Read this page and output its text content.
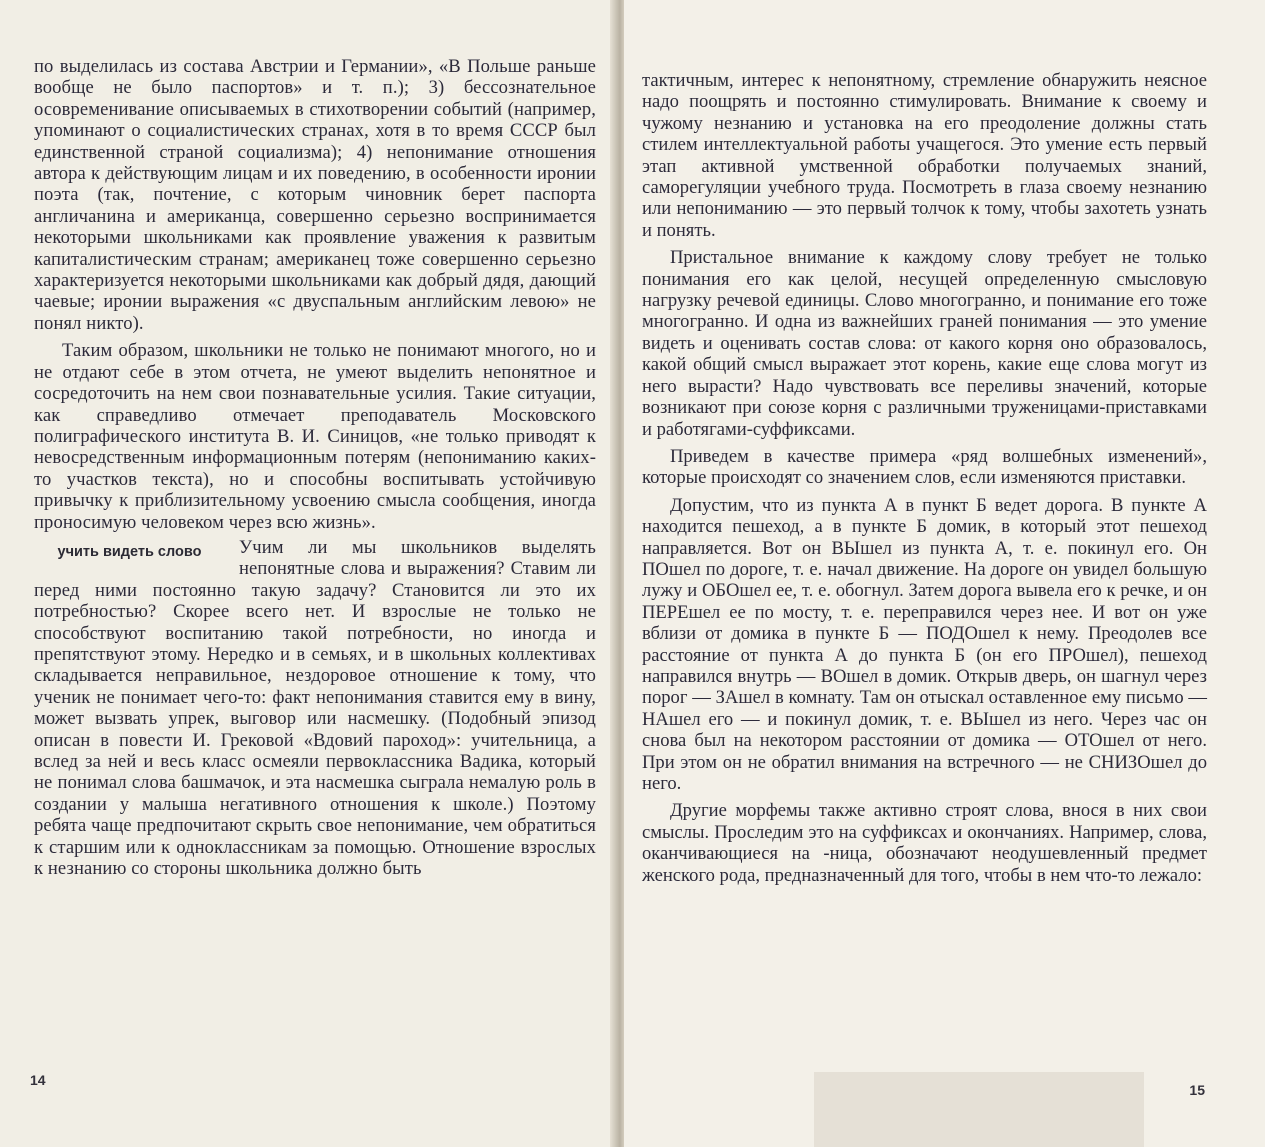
по выделилась из состава Австрии и Германии», «В Польше раньше вообще не было паспортов» и т. п.); 3) бессознательное осовременивание описываемых в стихотворении событий (например, упоминают о социалистических странах, хотя в то время СССР был единственной страной социализма); 4) непонимание отношения автора к действующим лицам и их поведению, в особенности иронии поэта (так, почтение, с которым чиновник берет паспорта англичанина и американца, совершенно серьезно воспринимается некоторыми школьниками как проявление уважения к развитым капиталистическим странам; американец тоже совершенно серьезно характеризуется некоторыми школьниками как добрый дядя, дающий чаевые; иронии выражения «с двуспальным английским левою» не понял никто).

Таким образом, школьники не только не понимают многого, но и не отдают себе в этом отчета, не умеют выделить непонятное и сосредоточить на нем свои познавательные усилия. Такие ситуации, как справедливо отмечает преподаватель Московского полиграфического института В. И. Синицов, «не только приводят к невосредственным информационным потерям (непониманию каких-то участков текста), но и способны воспитывать устойчивую привычку к приблизительному усвоению смысла сообщения, иногда проносимую человеком через всю жизнь».

учить видеть слово	Учим ли мы школьников выделять непонятные слова и выражения? Ставим ли перед ними постоянно такую задачу? Становится ли это их потребностью? Скорее всего нет. И взрослые не только не способствуют воспитанию такой потребности, но иногда и препятствуют этому. Нередко и в семьях, и в школьных коллективах складывается неправильное, нездоровое отношение к тому, что ученик не понимает чего-то: факт непонимания ставится ему в вину, может вызвать упрек, выговор или насмешку. (Подобный эпизод описан в повести И. Грековой «Вдовий пароход»: учительница, а вслед за ней и весь класс осмеяли первоклассника Вадика, который не понимал слова башмачок, и эта насмешка сыграла немалую роль в создании у малыша негативного отношения к школе.) Поэтому ребята чаще предпочитают скрыть свое непонимание, чем обратиться к старшим или к одноклассникам за помощью. Отношение взрослых к незнанию со стороны школьника должно быть

14

тактичным, интерес к непонятному, стремление обнаружить неясное надо поощрять и постоянно стимулировать. Внимание к своему и чужому незнанию и установка на его преодоление должны стать стилем интеллектуальной работы учащегося. Это умение есть первый этап активной умственной обработки получаемых знаний, саморегуляции учебного труда. Посмотреть в глаза своему незнанию или непониманию — это первый толчок к тому, чтобы захотеть узнать и понять.

Пристальное внимание к каждому слову требует не только понимания его как целой, несущей определенную смысловую нагрузку речевой единицы. Слово многогранно, и понимание его тоже многогранно. И одна из важнейших граней понимания — это умение видеть и оценивать состав слова: от какого корня оно образовалось, какой общий смысл выражает этот корень, какие еще слова могут из него вырасти? Надо чувствовать все переливы значений, которые возникают при союзе корня с различными труженицами-приставками и работягами-суффиксами.

Приведем в качестве примера «ряд волшебных изменений», которые происходят со значением слов, если изменяются приставки.

Допустим, что из пункта А в пункт Б ведет дорога. В пункте А находится пешеход, а в пункте Б домик, в который этот пешеход направляется. Вот он ВЫшел из пункта А, т. е. покинул его. Он ПОшел по дороге, т. е. начал движение. На дороге он увидел большую лужу и ОБОшел ее, т. е. обогнул. Затем дорога вывела его к речке, и он ПЕРЕшел ее по мосту, т. е. переправился через нее. И вот он уже вблизи от домика в пункте Б — ПОДОшел к нему. Преодолев все расстояние от пункта А до пункта Б (он его ПРОшел), пешеход направился внутрь — ВОшел в домик. Открыв дверь, он шагнул через порог — ЗАшел в комнату. Там он отыскал оставленное ему письмо — НАшел его — и покинул домик, т. е. ВЫшел из него. Через час он снова был на некотором расстоянии от домика — ОТОшел от него. При этом он не обратил внимания на встречного — не СНИЗОшел до него.

Другие морфемы также активно строят слова, внося в них свои смыслы. Проследим это на суффиксах и окончаниях. Например, слова, оканчивающиеся на -ница, обозначают неодушевленный предмет женского рода, предназначенный для того, чтобы в нем что-то лежало:

15
